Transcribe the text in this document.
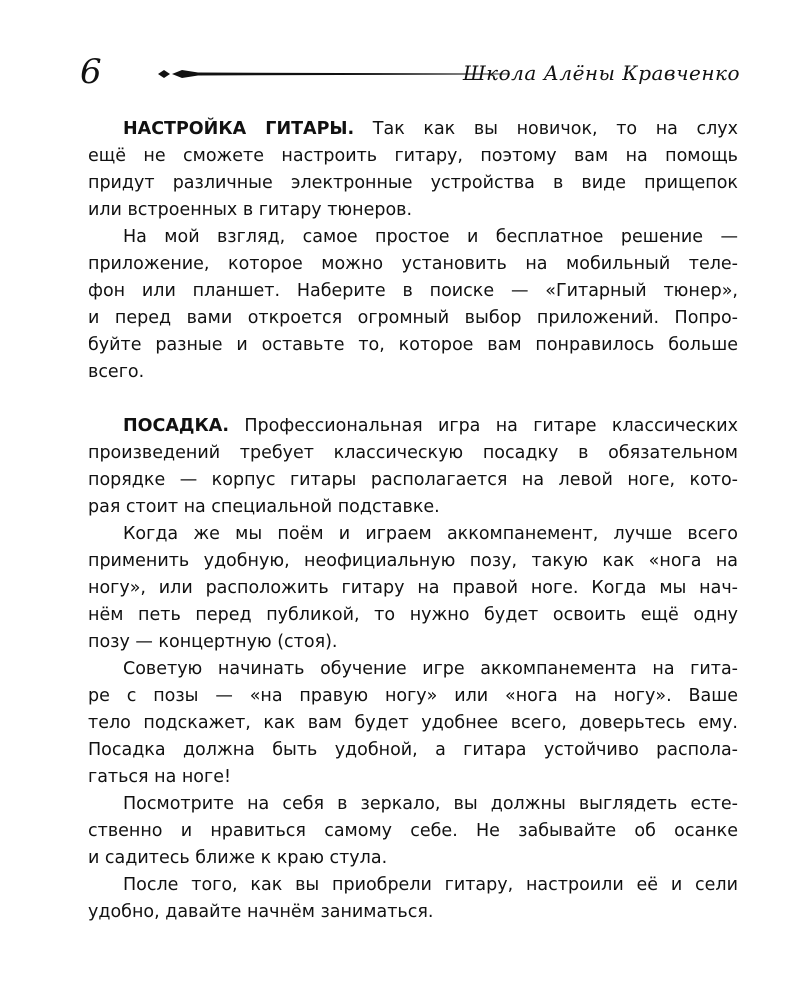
6	Школа Алёны Кравченко
НАСТРОЙКА ГИТАРЫ. Так как вы новичок, то на слух
ещё не сможете настроить гитару, поэтому вам на помощь
придут различные электронные устройства в виде прищепок
или встроенных в гитару тюнеров.
На мой взгляд, самое простое и бесплатное решение —
приложение, которое можно установить на мобильный теле-
фон или планшет. Наберите в поиске — «Гитарный тюнер»,
и перед вами откроется огромный выбор приложений. Попро-
буйте разные и оставьте то, которое вам понравилось больше
всего.
ПОСАДКА. Профессиональная игра на гитаре классических
произведений требует классическую посадку в обязательном
порядке — корпус гитары располагается на левой ноге, кото-
рая стоит на специальной подставке.
Когда же мы поём и играем аккомпанемент, лучше всего
применить удобную, неофициальную позу, такую как «нога на
ногу», или расположить гитару на правой ноге. Когда мы нач-
нём петь перед публикой, то нужно будет освоить ещё одну
позу — концертную (стоя).
Советую начинать обучение игре аккомпанемента на гита-
ре с позы — «на правую ногу» или «нога на ногу». Ваше
тело подскажет, как вам будет удобнее всего, доверьтесь ему.
Посадка должна быть удобной, а гитара устойчиво распола-
гаться на ноге!
Посмотрите на себя в зеркало, вы должны выглядеть есте-
ственно и нравиться самому себе. Не забывайте об осанке
и садитесь ближе к краю стула.
После того, как вы приобрели гитару, настроили её и сели
удобно, давайте начнём заниматься.
